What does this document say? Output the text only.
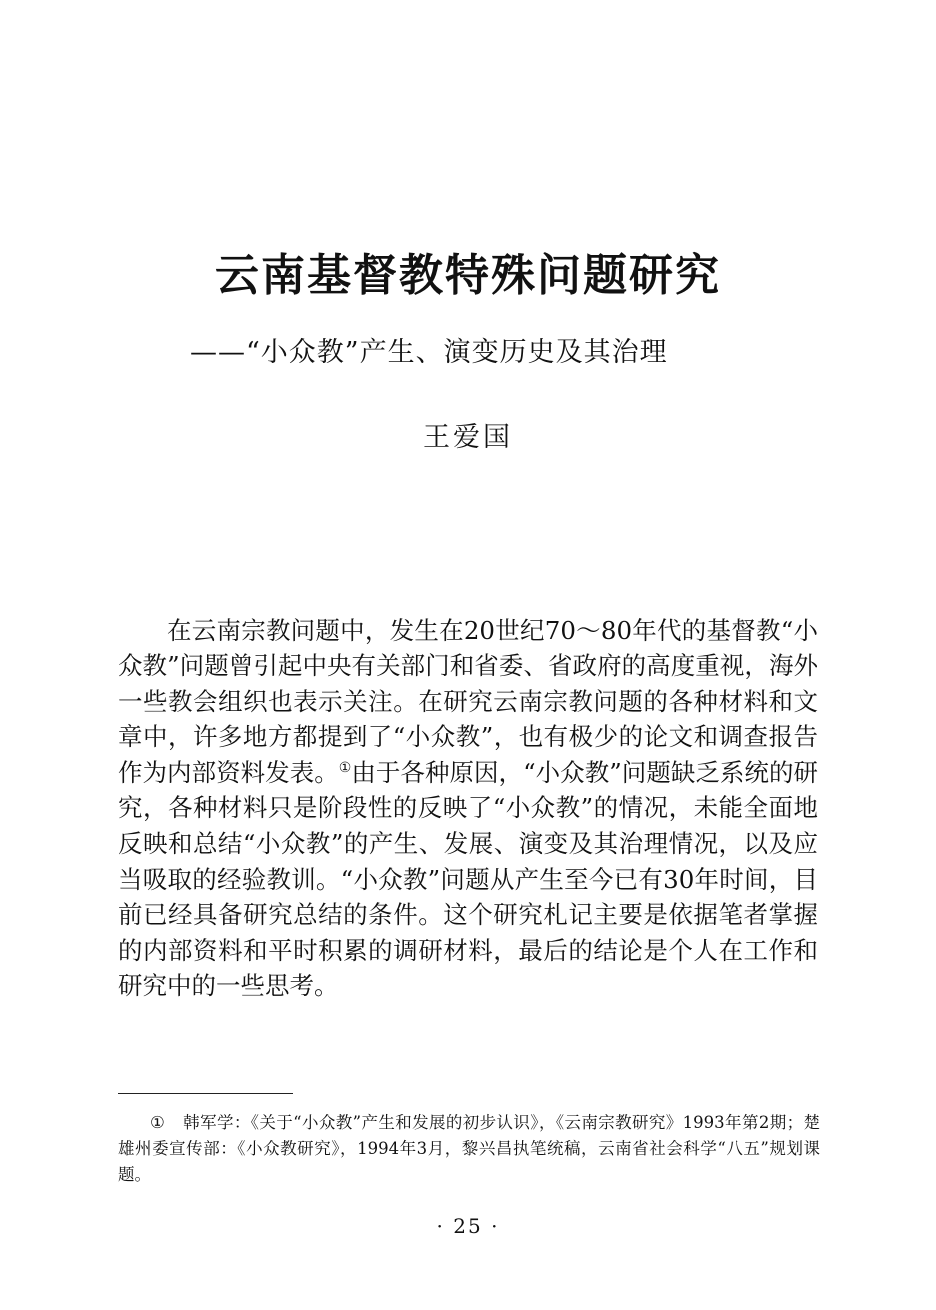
云南基督教特殊问题研究
——“小众教”产生、演变历史及其治理
王爱国

在云南宗教问题中，发生在20世纪70～80年代的基督教“小众教”问题曾引起中央有关部门和省委、省政府的高度重视，海外一些教会组织也表示关注。在研究云南宗教问题的各种材料和文章中，许多地方都提到了“小众教”，也有极少的论文和调查报告作为内部资料发表。①由于各种原因，“小众教”问题缺乏系统的研究，各种材料只是阶段性的反映了“小众教”的情况，未能全面地反映和总结“小众教”的产生、发展、演变及其治理情况，以及应当吸取的经验教训。“小众教”问题从产生至今已有30年时间，目前已经具备研究总结的条件。这个研究札记主要是依据笔者掌握的内部资料和平时积累的调研材料，最后的结论是个人在工作和研究中的一些思考。

① 韩军学：《关于“小众教”产生和发展的初步认识》，《云南宗教研究》1993年第2期；楚雄州委宣传部：《小众教研究》，1994年3月，黎兴昌执笔统稿，云南省社会科学“八五”规划课题。
· 25 ·
